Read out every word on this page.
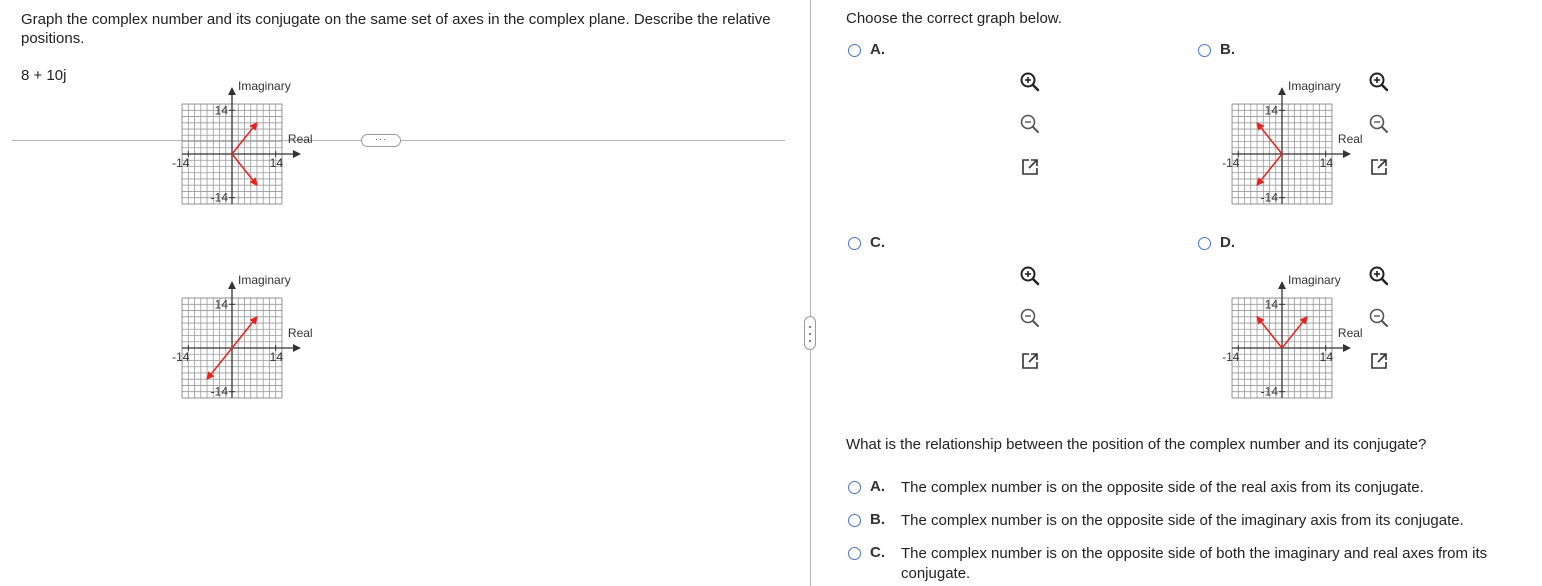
Graph the complex number and its conjugate on the same set of axes in the complex plane. Describe the relative positions.
8 + 10j
···
Choose the correct graph below.
A.
Imaginary
Real
14
-14
14
-14
B.
Imaginary
Real
14
-14
14
-14
C.
Imaginary
Real
14
-14
14
-14
D.
Imaginary
Real
14
-14
14
-14
What is the relationship between the position of the complex number and its conjugate?
A. The complex number is on the opposite side of the real axis from its conjugate.
B. The complex number is on the opposite side of the imaginary axis from its conjugate.
C. The complex number is on the opposite side of both the imaginary and real axes from its conjugate.
